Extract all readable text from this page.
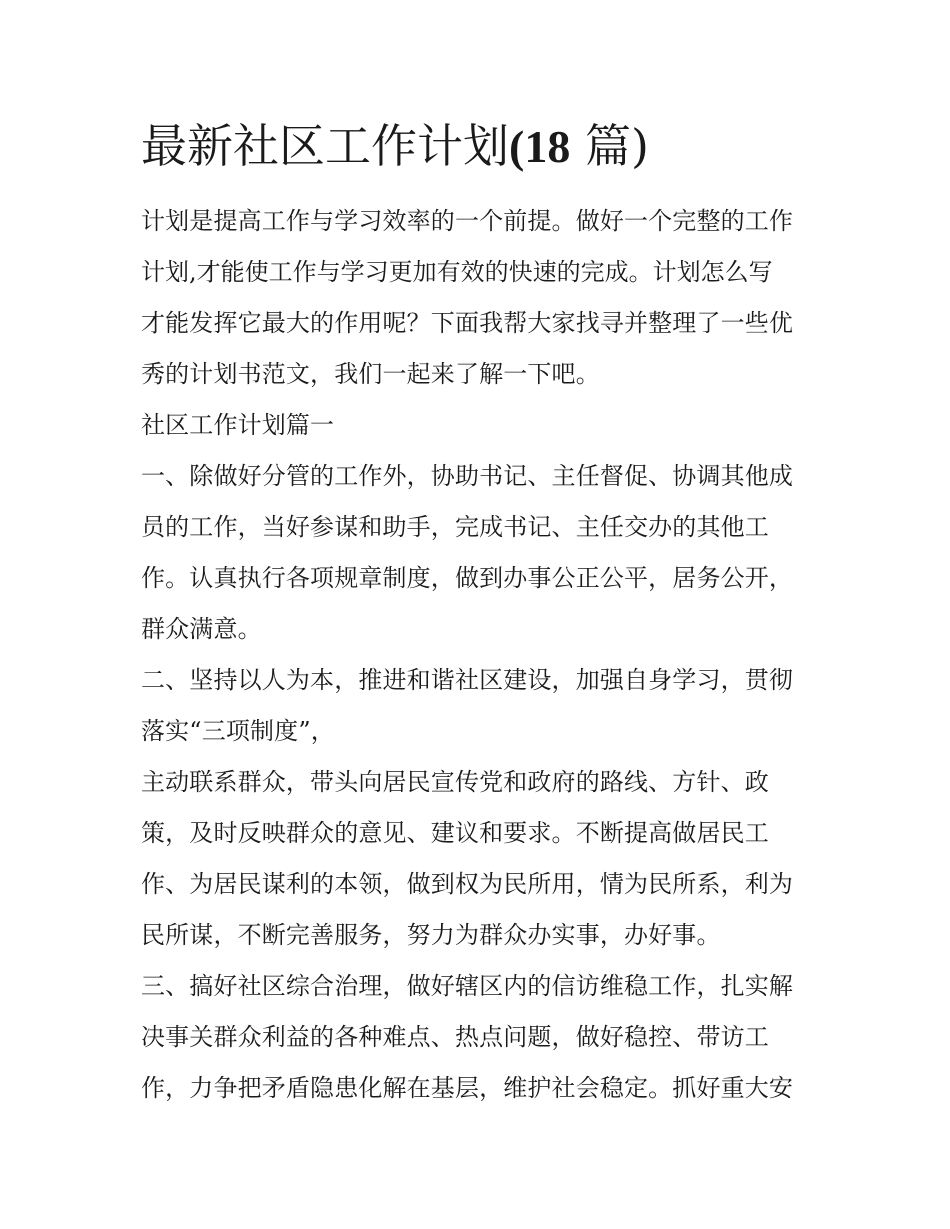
最新社区工作计划(18 篇)
计划是提高工作与学习效率的一个前提。做好一个完整的工作
计划,才能使工作与学习更加有效的快速的完成。计划怎么写
才能发挥它最大的作用呢？下面我帮大家找寻并整理了一些优
秀的计划书范文，我们一起来了解一下吧。
社区工作计划篇一
一、除做好分管的工作外，协助书记、主任督促、协调其他成
员的工作，当好参谋和助手，完成书记、主任交办的其他工
作。认真执行各项规章制度，做到办事公正公平，居务公开，
群众满意。
二、坚持以人为本，推进和谐社区建设，加强自身学习，贯彻
落实“三项制度”，
主动联系群众，带头向居民宣传党和政府的路线、方针、政
策，及时反映群众的意见、建议和要求。不断提高做居民工
作、为居民谋利的本领，做到权为民所用，情为民所系，利为
民所谋，不断完善服务，努力为群众办实事，办好事。
三、搞好社区综合治理，做好辖区内的信访维稳工作，扎实解
决事关群众利益的各种难点、热点问题，做好稳控、带访工
作，力争把矛盾隐患化解在基层，维护社会稳定。抓好重大安
